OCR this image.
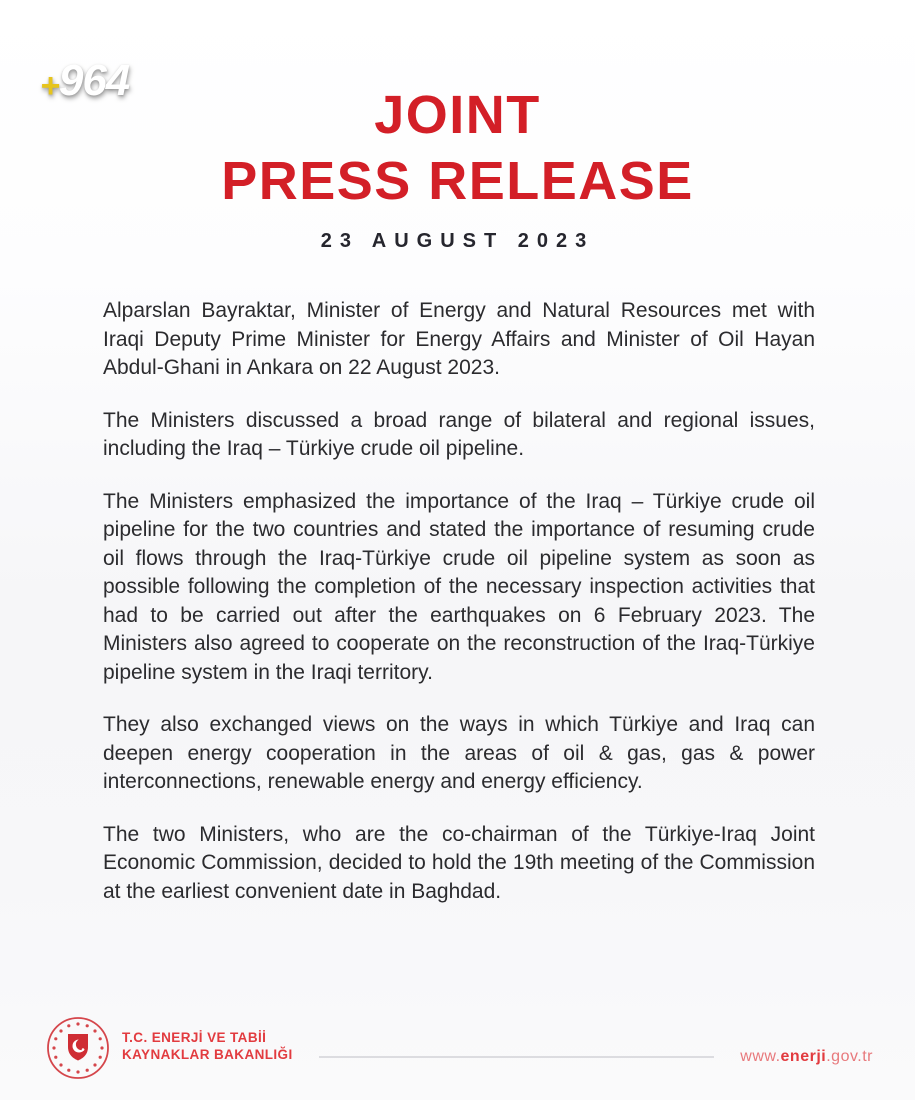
+964
JOINT
PRESS RELEASE
23 AUGUST 2023

Alparslan Bayraktar, Minister of Energy and Natural Resources met with Iraqi Deputy Prime Minister for Energy Affairs and Minister of Oil Hayan Abdul-Ghani in Ankara on 22 August 2023.

The Ministers discussed a broad range of bilateral and regional issues, including the Iraq – Türkiye crude oil pipeline.

The Ministers emphasized the importance of the Iraq – Türkiye crude oil pipeline for the two countries and stated the importance of resuming crude oil flows through the Iraq-Türkiye crude oil pipeline system as soon as possible following the completion of the necessary inspection activities that had to be carried out after the earthquakes on 6 February 2023. The Ministers also agreed to cooperate on the reconstruction of the Iraq-Türkiye pipeline system in the Iraqi territory.

They also exchanged views on the ways in which Türkiye and Iraq can deepen energy cooperation in the areas of oil & gas, gas & power interconnections, renewable energy and energy efficiency.

The two Ministers, who are the co-chairman of the Türkiye-Iraq Joint Economic Commission, decided to hold the 19th meeting of the Commission at the earliest convenient date in Baghdad.

T.C. ENERJİ VE TABİİ
KAYNAKLAR BAKANLIĞI	www.enerji.gov.tr
